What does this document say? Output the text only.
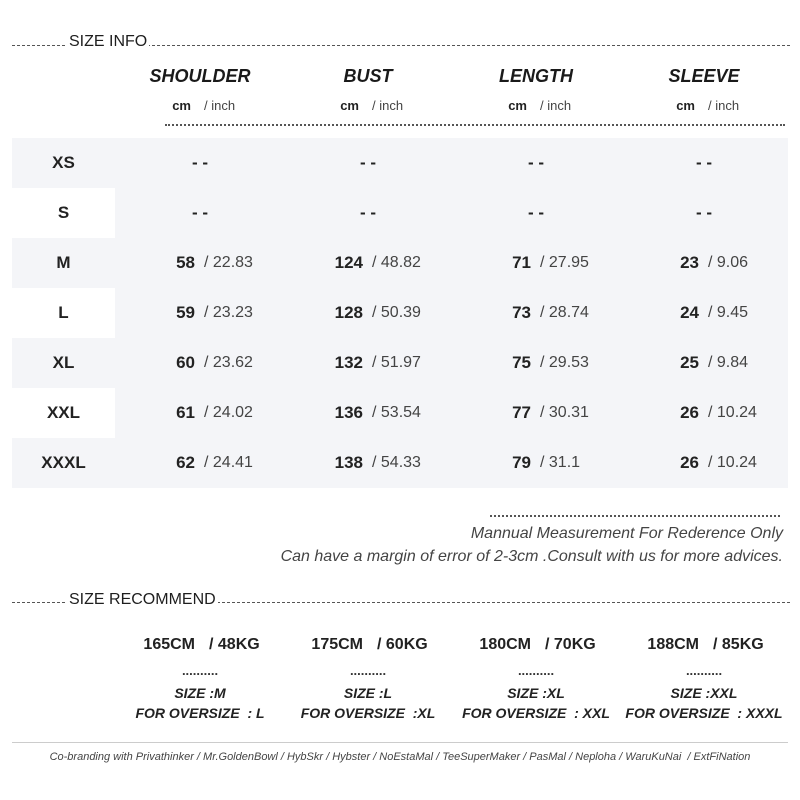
SIZE INFO
SHOULDER
cm / inch
BUST
cm / inch
LENGTH
cm / inch
SLEEVE
cm / inch
XS	- -	- -	- -	- -
S	- -	- -	- -	- -
M	58 / 22.83	124 / 48.82	71 / 27.95	23 / 9.06
L	59 / 23.23	128 / 50.39	73 / 28.74	24 / 9.45
XL	60 / 23.62	132 / 51.97	75 / 29.53	25 / 9.84
XXL	61 / 24.02	136 / 53.54	77 / 30.31	26 / 10.24
XXXL	62 / 24.41	138 / 54.33	79 / 31.1	26 / 10.24
Mannual Measurement For Rederence Only
Can have a margin of error of 2-3cm .Consult with us for more advices.
SIZE RECOMMEND
165CM / 48KG
..........
SIZE :M
FOR OVERSIZE  : L
175CM / 60KG
..........
SIZE :L
FOR OVERSIZE  :XL
180CM / 70KG
..........
SIZE :XL
FOR OVERSIZE  : XXL
188CM / 85KG
..........
SIZE :XXL
FOR OVERSIZE  : XXXL
Co-branding with Privathinker / Mr.GoldenBowl / HybSkr / Hybster / NoEstaMal / TeeSuperMaker / PasMal / Neploha / WaruKuNai  / ExtFiNation
